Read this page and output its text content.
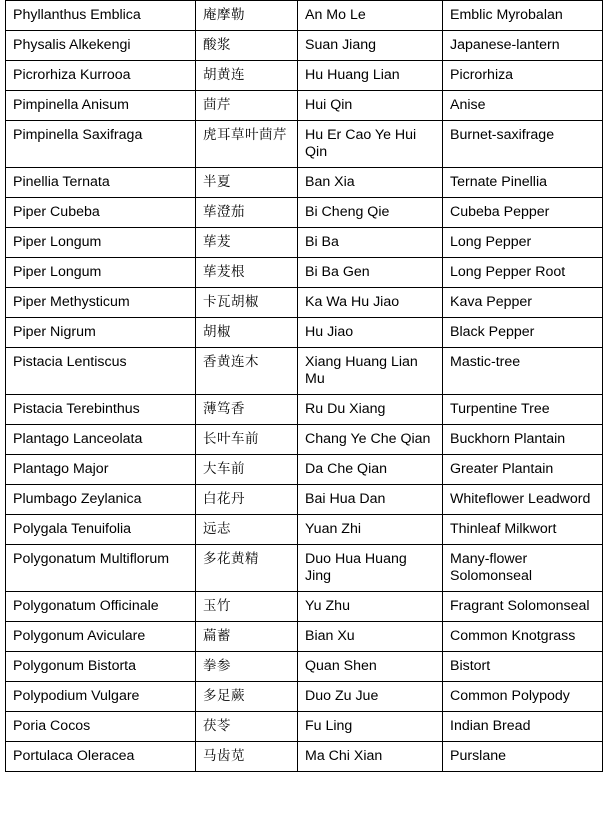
Phyllanthus Emblica	庵摩勒	An Mo Le	Emblic Myrobalan
Physalis Alkekengi	酸浆	Suan Jiang	Japanese-lantern
Picrorhiza Kurrooa	胡黄连	Hu Huang Lian	Picrorhiza
Pimpinella Anisum	茴芹	Hui Qin	Anise
Pimpinella Saxifraga	虎耳草叶茴芹	Hu Er Cao Ye Hui Qin	Burnet-saxifrage
Pinellia Ternata	半夏	Ban Xia	Ternate Pinellia
Piper Cubeba	荜澄茄	Bi Cheng Qie	Cubeba Pepper
Piper Longum	荜茇	Bi Ba	Long Pepper
Piper Longum	荜茇根	Bi Ba Gen	Long Pepper Root
Piper Methysticum	卡瓦胡椒	Ka Wa Hu Jiao	Kava Pepper
Piper Nigrum	胡椒	Hu Jiao	Black Pepper
Pistacia Lentiscus	香黄连木	Xiang Huang Lian Mu	Mastic-tree
Pistacia Terebinthus	薄笃香	Ru Du Xiang	Turpentine Tree
Plantago Lanceolata	长叶车前	Chang Ye Che Qian	Buckhorn Plantain
Plantago Major	大车前	Da Che Qian	Greater Plantain
Plumbago Zeylanica	白花丹	Bai Hua Dan	Whiteflower Leadword
Polygala Tenuifolia	远志	Yuan Zhi	Thinleaf Milkwort
Polygonatum Multiflorum	多花黄精	Duo Hua Huang Jing	Many-flower Solomonseal
Polygonatum Officinale	玉竹	Yu Zhu	Fragrant Solomonseal
Polygonum Aviculare	萹蓄	Bian Xu	Common Knotgrass
Polygonum Bistorta	拳参	Quan Shen	Bistort
Polypodium Vulgare	多足蕨	Duo Zu Jue	Common Polypody
Poria Cocos	茯苓	Fu Ling	Indian Bread
Portulaca Oleracea	马齿苋	Ma Chi Xian	Purslane
